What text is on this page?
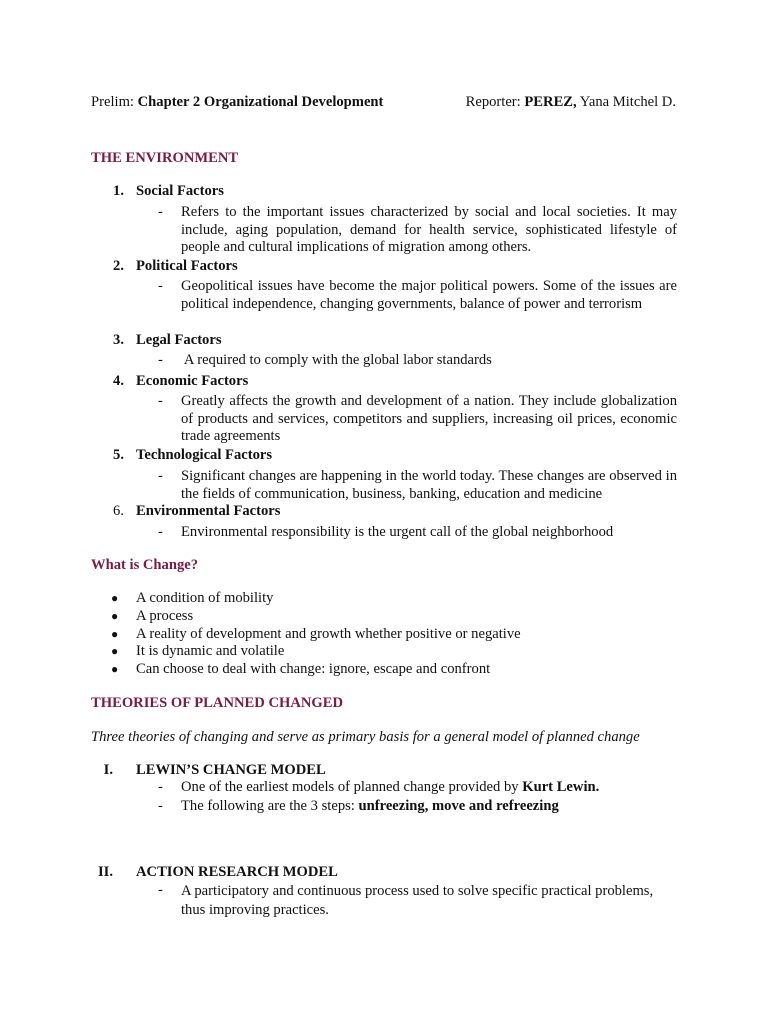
Prelim: Chapter 2 Organizational Development	Reporter: PEREZ, Yana Mitchel D.
THE ENVIRONMENT
1. Social Factors
- Refers to the important issues characterized by social and local societies. It may include, aging population, demand for health service, sophisticated lifestyle of people and cultural implications of migration among others.
2. Political Factors
- Geopolitical issues have become the major political powers. Some of the issues are political independence, changing governments, balance of power and terrorism
3. Legal Factors
- A required to comply with the global labor standards
4. Economic Factors
- Greatly affects the growth and development of a nation. They include globalization of products and services, competitors and suppliers, increasing oil prices, economic trade agreements
5. Technological Factors
- Significant changes are happening in the world today. These changes are observed in the fields of communication, business, banking, education and medicine
6. Environmental Factors
- Environmental responsibility is the urgent call of the global neighborhood
What is Change?
● A condition of mobility
● A process
● A reality of development and growth whether positive or negative
● It is dynamic and volatile
● Can choose to deal with change: ignore, escape and confront
THEORIES OF PLANNED CHANGED
Three theories of changing and serve as primary basis for a general model of planned change
I. LEWIN’S CHANGE MODEL
- One of the earliest models of planned change provided by Kurt Lewin.
- The following are the 3 steps: unfreezing, move and refreezing
II. ACTION RESEARCH MODEL
- A participatory and continuous process used to solve specific practical problems, thus improving practices.
